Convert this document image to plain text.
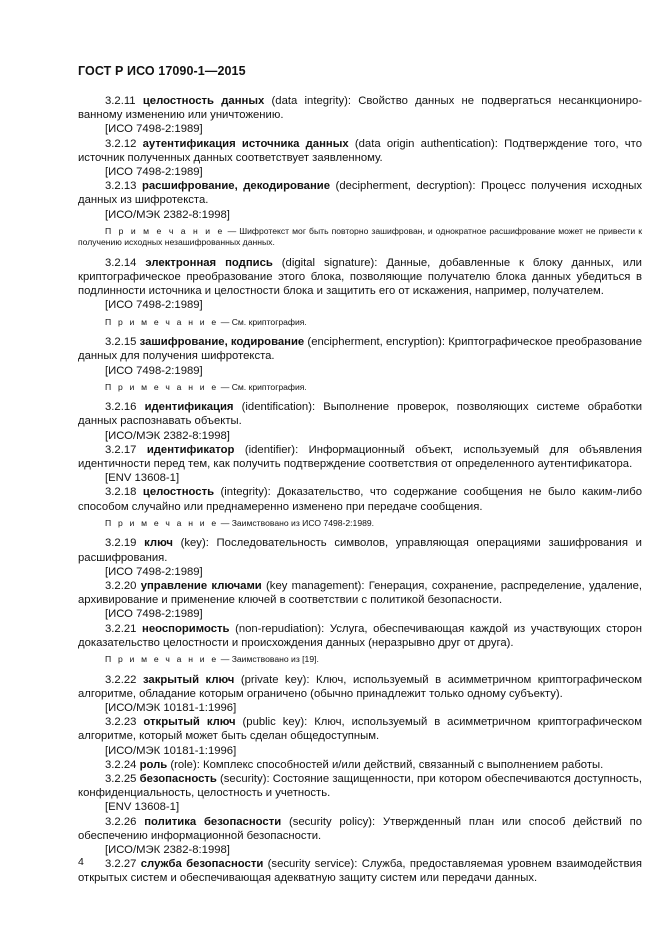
ГОСТ Р ИСО 17090-1—2015

3.2.11 целостность данных (data integrity): Свойство данных не подвергаться несанкционированному изменению или уничтожению.

[ИСО 7498-2:1989]

3.2.12 аутентификация источника данных (data origin authentication): Подтверждение того, что источник полученных данных соответствует заявленному.

[ИСО 7498-2:1989]

3.2.13 расшифрование, декодирование (decipherment, decryption): Процесс получения исходных данных из шифротекста.

[ИСО/МЭК 2382-8:1998]
П р и м е ч а н и е — Шифротекст мог быть повторно зашифрован, и однократное расшифрование может не привести к получению исходных незашифрованных данных.

3.2.14 электронная подпись (digital signature): Данные, добавленные к блоку данных, или криптографическое преобразование этого блока, позволяющие получателю блока данных убедиться в подлинности источника и целостности блока и защитить его от искажения, например, получателем.

[ИСО 7498-2:1989]
П р и м е ч а н и е — См. криптография.

3.2.15 зашифрование, кодирование (encipherment, encryption): Криптографическое преобразование данных для получения шифротекста.

[ИСО 7498-2:1989]
П р и м е ч а н и е — См. криптография.

3.2.16 идентификация (identification): Выполнение проверок, позволяющих системе обработки данных распознавать объекты.

[ИСО/МЭК 2382-8:1998]

3.2.17 идентификатор (identifier): Информационный объект, используемый для объявления идентичности перед тем, как получить подтверждение соответствия от определенного аутентификатора.

[ENV 13608-1]

3.2.18 целостность (integrity): Доказательство, что содержание сообщения не было каким-либо способом случайно или преднамеренно изменено при передаче сообщения.

П р и м е ч а н и е — Заимствовано из ИСО 7498-2:1989.

3.2.19 ключ (key): Последовательность символов, управляющая операциями зашифрования и расшифрования.

[ИСО 7498-2:1989]

3.2.20 управление ключами (key management): Генерация, сохранение, распределение, удаление, архивирование и применение ключей в соответствии с политикой безопасности.

[ИСО 7498-2:1989]

3.2.21 неоспоримость (non-repudiation): Услуга, обеспечивающая каждой из участвующих сторон доказательство целостности и происхождения данных (неразрывно друг от друга).

П р и м е ч а н и е — Заимствовано из [19].

3.2.22 закрытый ключ (private key): Ключ, используемый в асимметричном криптографическом алгоритме, обладание которым ограничено (обычно принадлежит только одному субъекту).

[ИСО/МЭК 10181-1:1996]

3.2.23 открытый ключ (public key): Ключ, используемый в асимметричном криптографическом алгоритме, который может быть сделан общедоступным.

[ИСО/МЭК 10181-1:1996]

3.2.24 роль (role): Комплекс способностей и/или действий, связанный с выполнением работы.

3.2.25 безопасность (security): Состояние защищенности, при котором обеспечиваются доступность, конфиденциальность, целостность и учетность.

[ENV 13608-1]

3.2.26 политика безопасности (security policy): Утвержденный план или способ действий по обеспечению информационной безопасности.

[ИСО/МЭК 2382-8:1998]

3.2.27 служба безопасности (security service): Служба, предоставляемая уровнем взаимодействия открытых систем и обеспечивающая адекватную защиту систем или передачи данных.

4
